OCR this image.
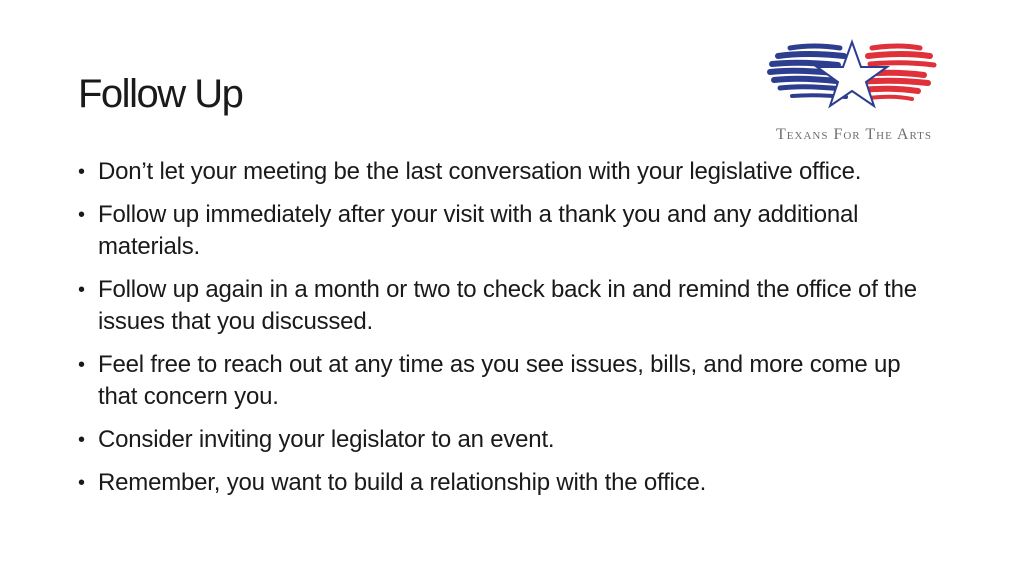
Follow Up
Texans For The Arts
• Don’t let your meeting be the last conversation with your legislative office.
• Follow up immediately after your visit with a thank you and any additional materials.
• Follow up again in a month or two to check back in and remind the office of the issues that you discussed.
• Feel free to reach out at any time as you see issues, bills, and more come up that concern you.
• Consider inviting your legislator to an event.
• Remember, you want to build a relationship with the office.
